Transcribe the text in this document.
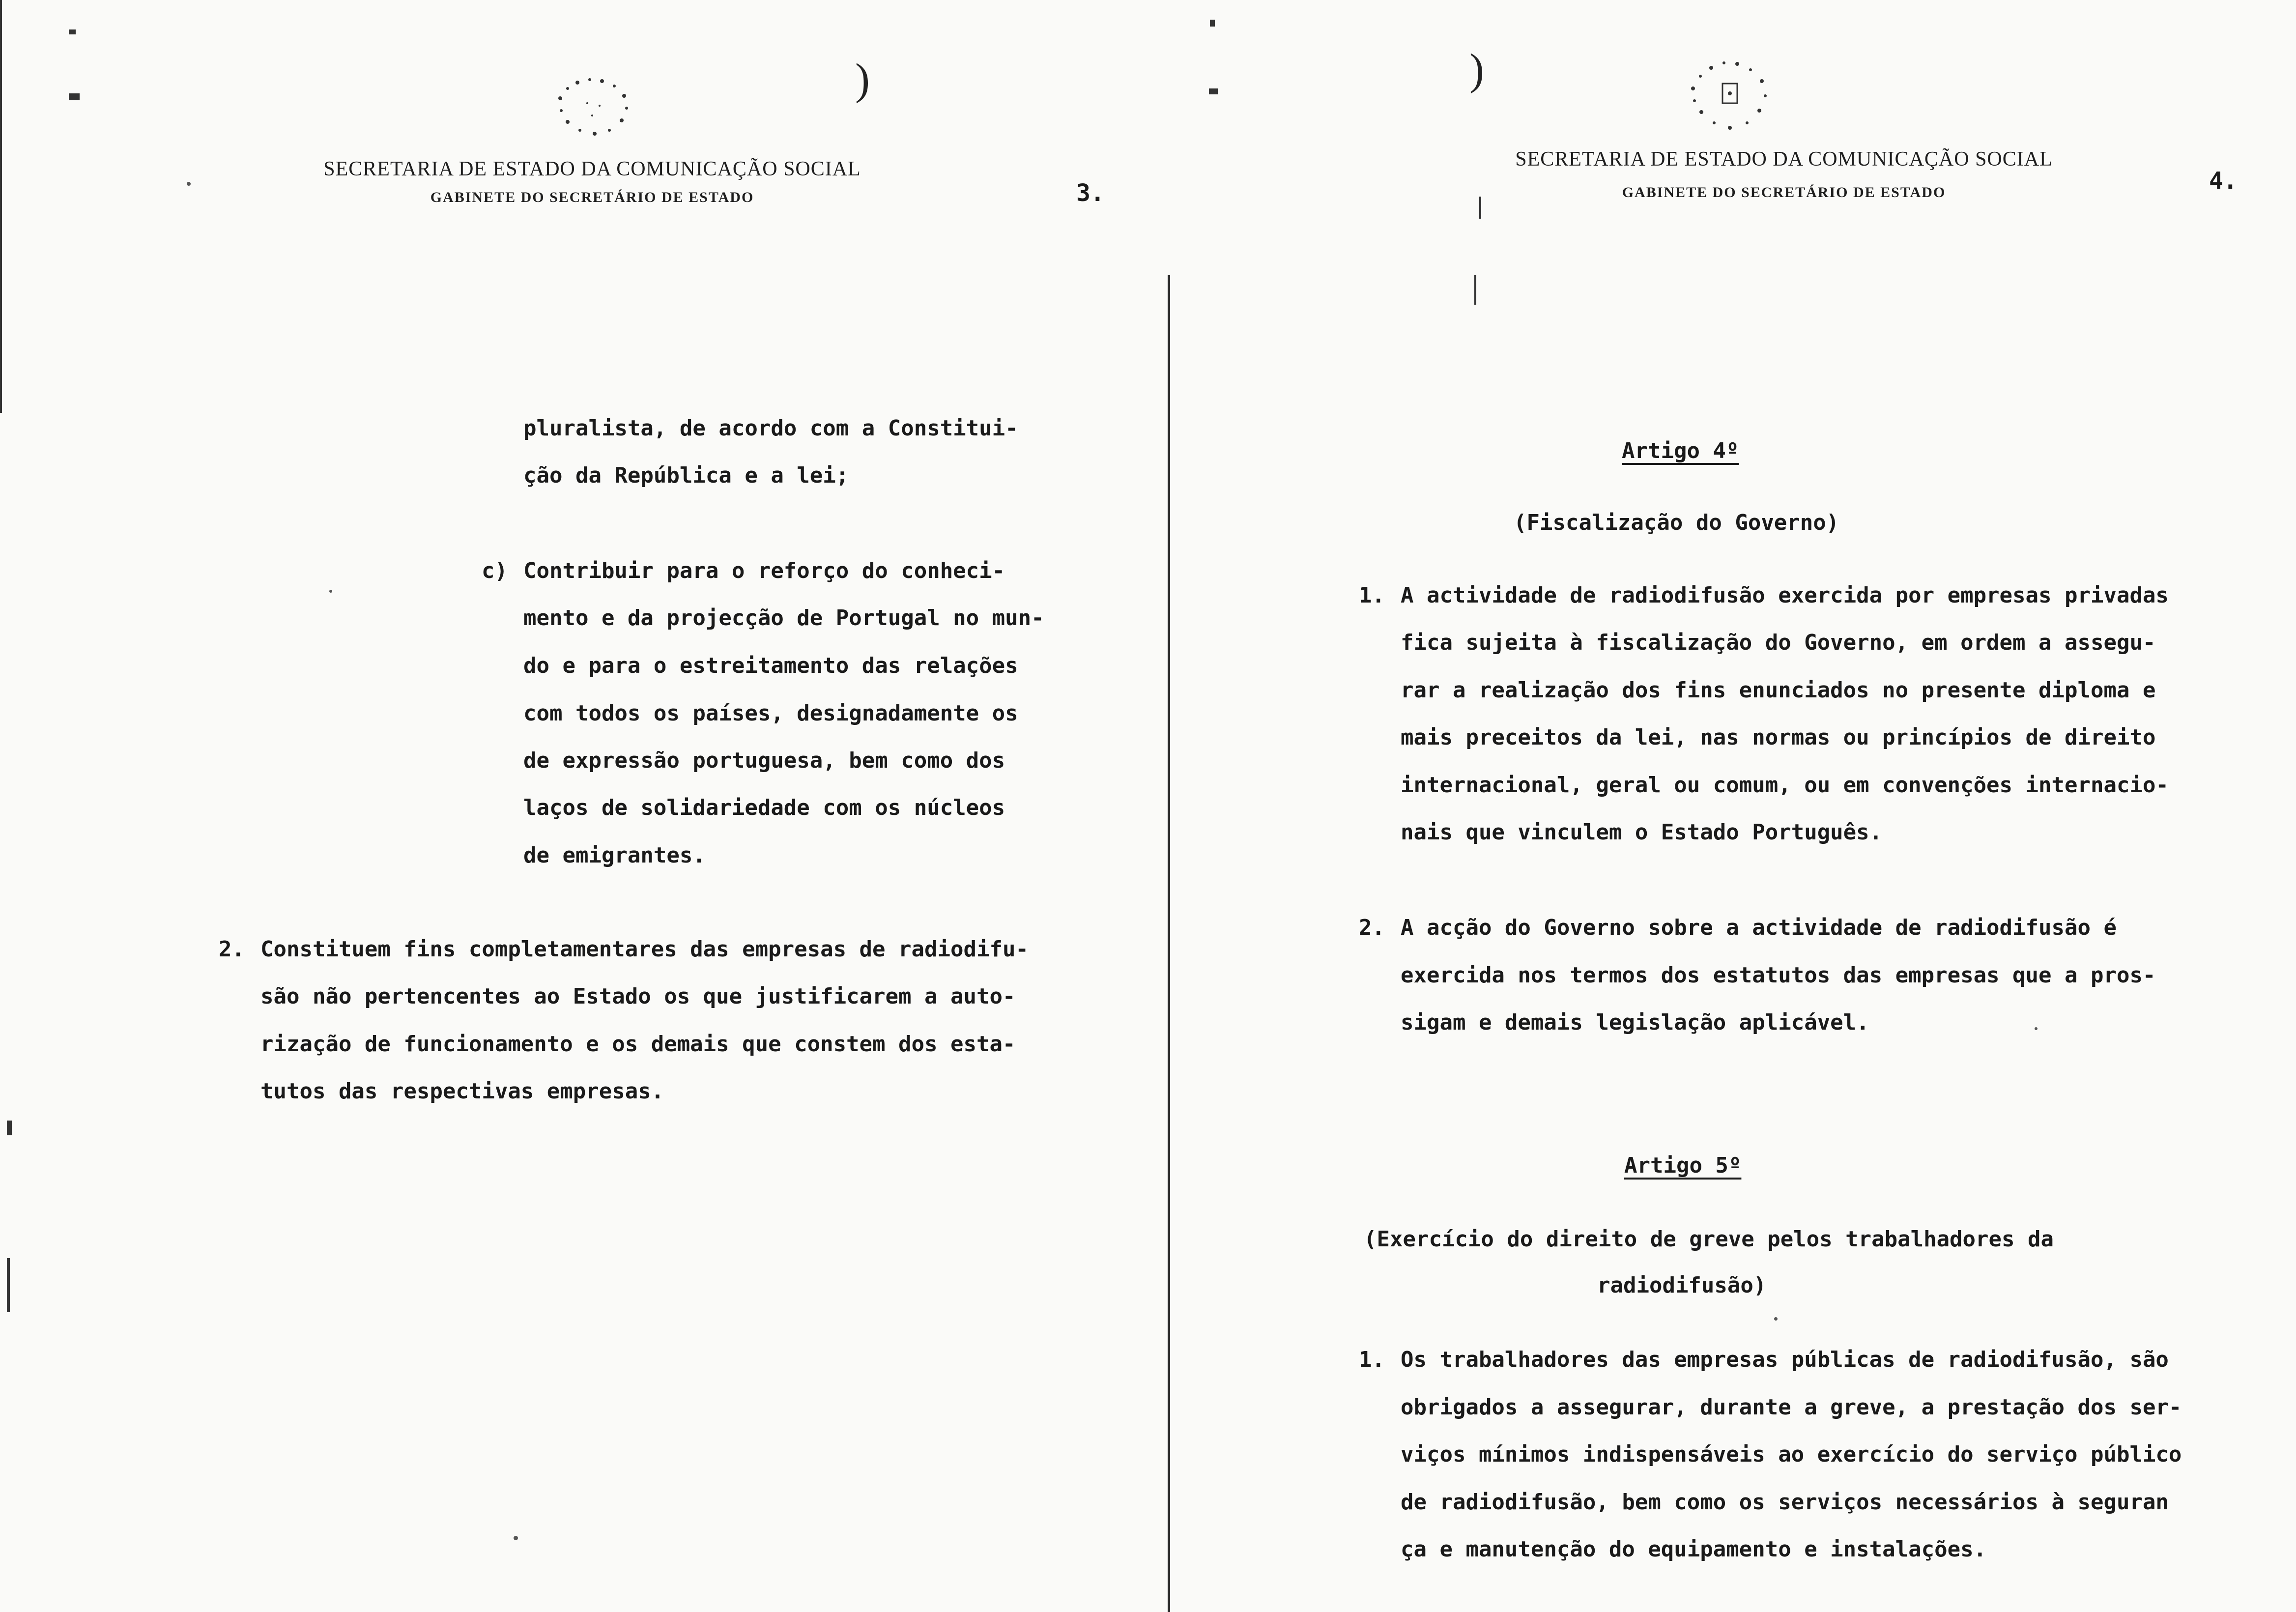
)
SECRETARIA DE ESTADO DA COMUNICAÇÃO SOCIAL
GABINETE DO SECRETÁRIO DE ESTADO	3.
pluralista, de acordo com a Constitui-
ção da República e a lei;
c) Contribuir para o reforço do conheci-
mento e da projecção de Portugal no mun-
do e para o estreitamento das relações
com todos os países, designadamente os
de expressão portuguesa, bem como dos
laços de solidariedade com os núcleos
de emigrantes.
2. Constituem fins completamentares das empresas de radiodifu-
são não pertencentes ao Estado os que justificarem a auto-
rização de funcionamento e os demais que constem dos esta-
tutos das respectivas empresas.
)
SECRETARIA DE ESTADO DA COMUNICAÇÃO SOCIAL
GABINETE DO SECRETÁRIO DE ESTADO	4.
Artigo 4º
(Fiscalização do Governo)
1. A actividade de radiodifusão exercida por empresas privadas
fica sujeita à fiscalização do Governo, em ordem a assegu-
rar a realização dos fins enunciados no presente diploma e
mais preceitos da lei, nas normas ou princípios de direito
internacional, geral ou comum, ou em convenções internacio-
nais que vinculem o Estado Português.
2. A acção do Governo sobre a actividade de radiodifusão é
exercida nos termos dos estatutos das empresas que a pros-
sigam e demais legislação aplicável.
Artigo 5º
(Exercício do direito de greve pelos trabalhadores da
radiodifusão)
1. Os trabalhadores das empresas públicas de radiodifusão, são
obrigados a assegurar, durante a greve, a prestação dos ser-
viços mínimos indispensáveis ao exercício do serviço público
de radiodifusão, bem como os serviços necessários à seguran
ça e manutenção do equipamento e instalações.
